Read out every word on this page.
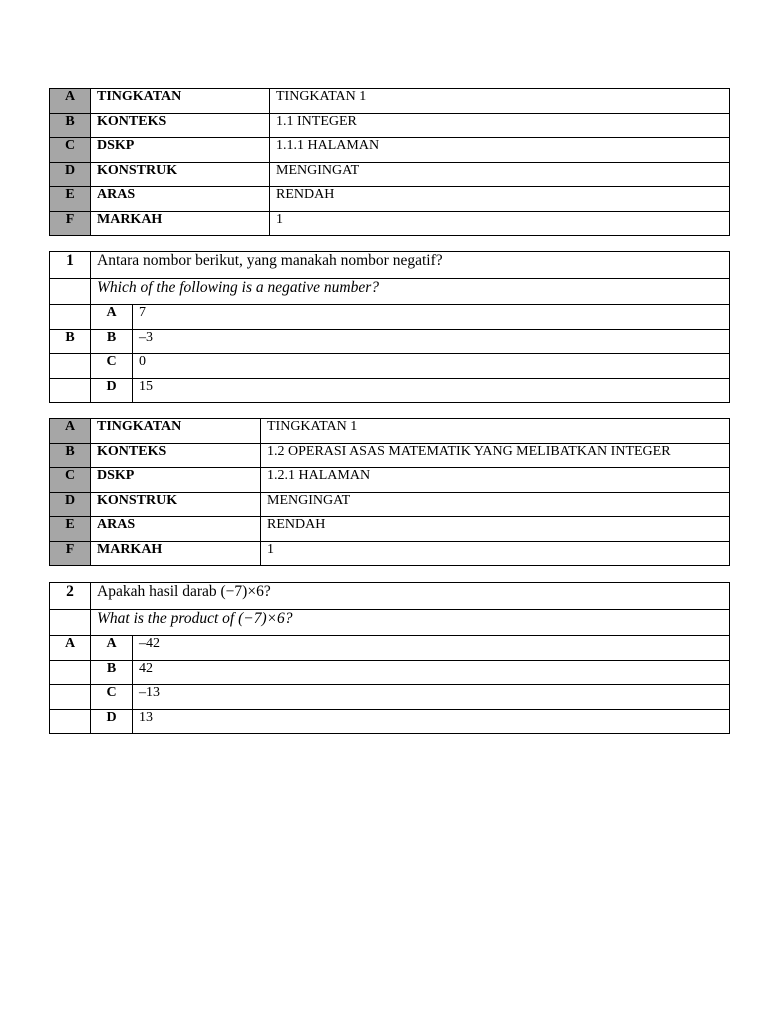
A	TINGKATAN	TINGKATAN 1
B	KONTEKS	1.1 INTEGER
C	DSKP	1.1.1 HALAMAN
D	KONSTRUK	MENGINGAT
E	ARAS	RENDAH
F	MARKAH	1
1	Antara nombor berikut, yang manakah nombor negatif?	
	Which of the following is a negative number?	
	A	7
B	B	–3
	C	0
	D	15
A	TINGKATAN	TINGKATAN 1
B	KONTEKS	1.2 OPERASI ASAS MATEMATIK YANG MELIBATKAN INTEGER
C	DSKP	1.2.1 HALAMAN
D	KONSTRUK	MENGINGAT
E	ARAS	RENDAH
F	MARKAH	1
2	Apakah hasil darab (−7)×6?	
	What is the product of (−7)×6?	
A	A	–42
	B	42
	C	–13
	D	13
